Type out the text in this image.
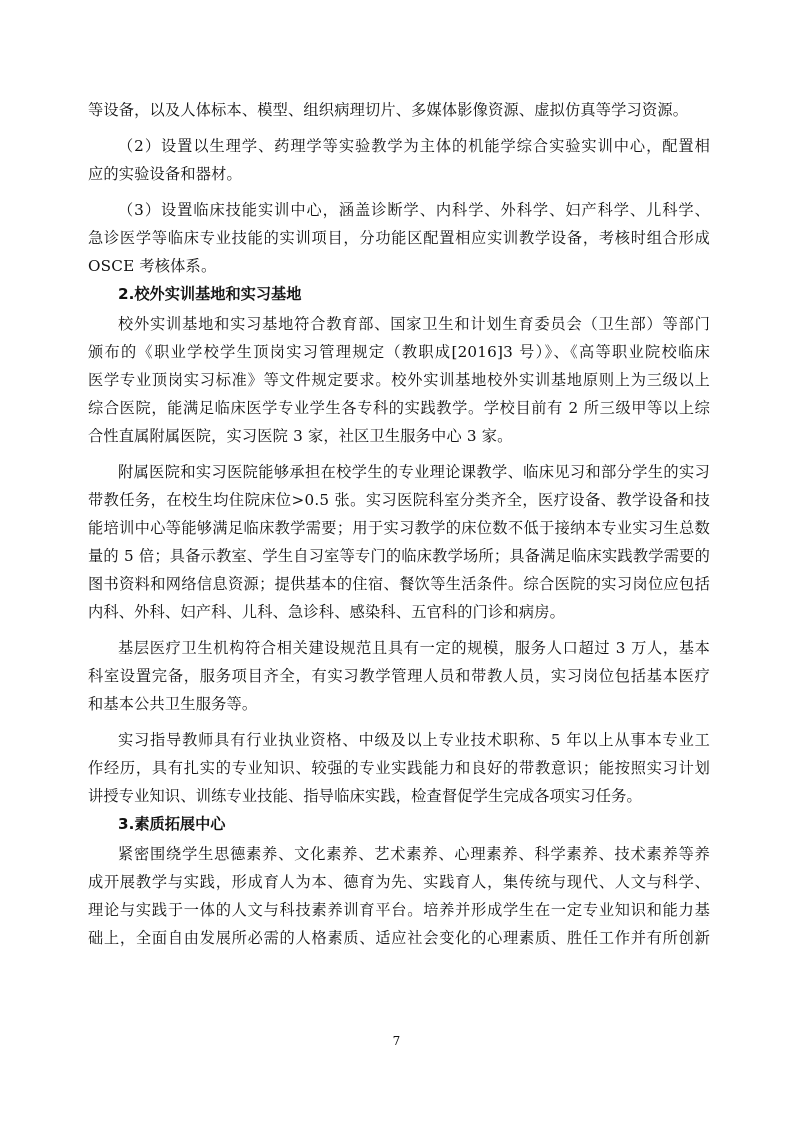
等设备，以及人体标本、模型、组织病理切片、多媒体影像资源、虚拟仿真等学习资源。
（2）设置以生理学、药理学等实验教学为主体的机能学综合实验实训中心，配置相
应的实验设备和器材。
（3）设置临床技能实训中心，涵盖诊断学、内科学、外科学、妇产科学、儿科学、
急诊医学等临床专业技能的实训项目，分功能区配置相应实训教学设备，考核时组合形成
OSCE 考核体系。
2.校外实训基地和实习基地
校外实训基地和实习基地符合教育部、国家卫生和计划生育委员会（卫生部）等部门
颁布的《职业学校学生顶岗实习管理规定（教职成[2016]3 号）》、《高等职业院校临床
医学专业顶岗实习标准》等文件规定要求。校外实训基地校外实训基地原则上为三级以上
综合医院，能满足临床医学专业学生各专科的实践教学。学校目前有 2 所三级甲等以上综
合性直属附属医院，实习医院 3 家，社区卫生服务中心 3 家。
附属医院和实习医院能够承担在校学生的专业理论课教学、临床见习和部分学生的实习
带教任务，在校生均住院床位>0.5 张。实习医院科室分类齐全，医疗设备、教学设备和技
能培训中心等能够满足临床教学需要；用于实习教学的床位数不低于接纳本专业实习生总数
量的 5 倍；具备示教室、学生自习室等专门的临床教学场所；具备满足临床实践教学需要的
图书资料和网络信息资源；提供基本的住宿、餐饮等生活条件。综合医院的实习岗位应包括
内科、外科、妇产科、儿科、急诊科、感染科、五官科的门诊和病房。
基层医疗卫生机构符合相关建设规范且具有一定的规模，服务人口超过 3 万人，基本
科室设置完备，服务项目齐全，有实习教学管理人员和带教人员，实习岗位包括基本医疗
和基本公共卫生服务等。
实习指导教师具有行业执业资格、中级及以上专业技术职称、5 年以上从事本专业工
作经历，具有扎实的专业知识、较强的专业实践能力和良好的带教意识；能按照实习计划
讲授专业知识、训练专业技能、指导临床实践，检查督促学生完成各项实习任务。
3.素质拓展中心
紧密围绕学生思德素养、文化素养、艺术素养、心理素养、科学素养、技术素养等养
成开展教学与实践，形成育人为本、德育为先、实践育人，集传统与现代、人文与科学、
理论与实践于一体的人文与科技素养训育平台。培养并形成学生在一定专业知识和能力基
础上，全面自由发展所必需的人格素质、适应社会变化的心理素质、胜任工作并有所创新
7
